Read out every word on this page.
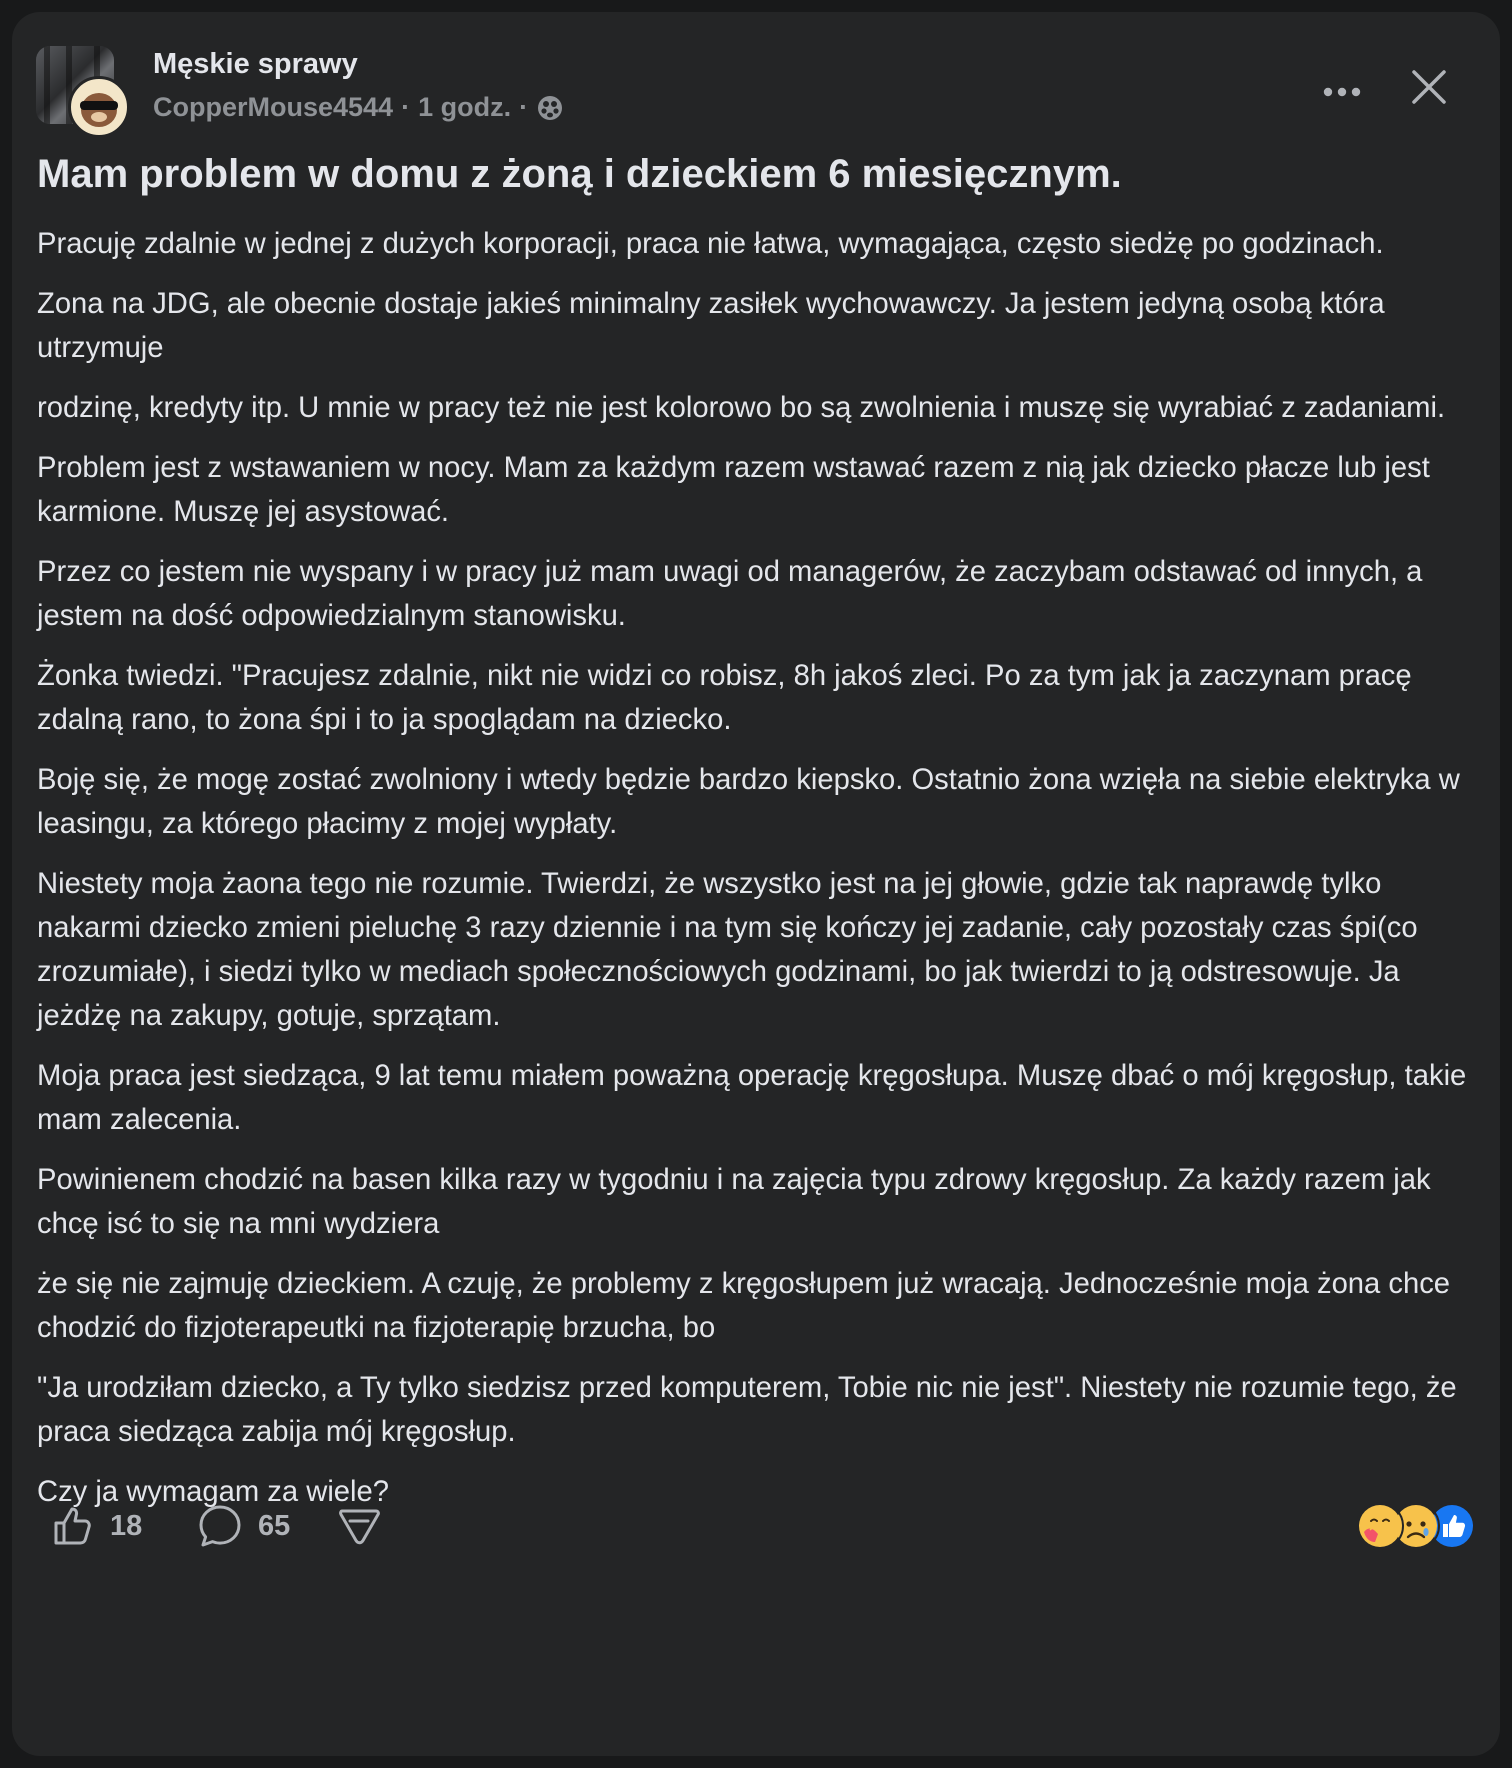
Męskie sprawy
CopperMouse4544 · 1 godz. ·
Mam problem w domu z żoną i dzieckiem 6 miesięcznym.

Pracuję zdalnie w jednej z dużych korporacji, praca nie łatwa, wymagająca, często siedżę po godzinach.

Zona na JDG, ale obecnie dostaje jakieś minimalny zasiłek wychowawczy. Ja jestem jedyną osobą która utrzymuje

rodzinę, kredyty itp. U mnie w pracy też nie jest kolorowo bo są zwolnienia i muszę się wyrabiać z zadaniami.

Problem jest z wstawaniem w nocy. Mam za każdym razem wstawać razem z nią jak dziecko płacze lub jest karmione. Muszę jej asystować.

Przez co jestem nie wyspany i w pracy już mam uwagi od managerów, że zaczybam odstawać od innych, a jestem na dość odpowiedzialnym stanowisku.

Żonka twiedzi. "Pracujesz zdalnie, nikt nie widzi co robisz, 8h jakoś zleci. Po za tym jak ja zaczynam pracę zdalną rano, to żona śpi i to ja spoglądam na dziecko.

Boję się, że mogę zostać zwolniony i wtedy będzie bardzo kiepsko. Ostatnio żona wzięła na siebie elektryka w leasingu, za którego płacimy z mojej wypłaty.

Niestety moja żaona tego nie rozumie. Twierdzi, że wszystko jest na jej głowie, gdzie tak naprawdę tylko nakarmi dziecko zmieni pieluchę 3 razy dziennie i na tym się kończy jej zadanie, cały pozostały czas śpi(co zrozumiałe), i siedzi tylko w mediach społecznościowych godzinami, bo jak twierdzi to ją odstresowuje. Ja jeżdżę na zakupy, gotuje, sprzątam.

Moja praca jest siedząca, 9 lat temu miałem poważną operację kręgosłupa. Muszę dbać o mój kręgosłup, takie mam zalecenia.

Powinienem chodzić na basen kilka razy w tygodniu i na zajęcia typu zdrowy kręgosłup. Za każdy razem jak chcę isć to się na mni wydziera

że się nie zajmuję dzieckiem. A czuję, że problemy z kręgosłupem już wracają. Jednocześnie moja żona chce chodzić do fizjoterapeutki na fizjoterapię brzucha, bo

"Ja urodziłam dziecko, a Ty tylko siedzisz przed komputerem, Tobie nic nie jest". Niestety nie rozumie tego, że praca siedząca zabija mój kręgosłup.

Czy ja wymagam za wiele?

18	65
